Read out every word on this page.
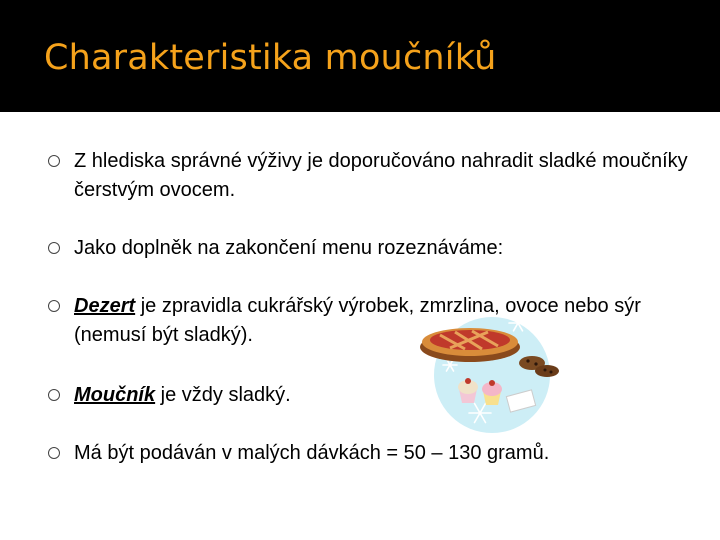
Charakteristika moučníků
Z hlediska správné výživy je doporučováno nahradit sladké moučníky čerstvým ovocem.
Jako doplněk na zakončení menu rozeznáváme:
Dezert je zpravidla cukrářský výrobek, zmrzlina, ovoce nebo sýr (nemusí být sladký).
Moučník je vždy sladký.
Má být podáván v malých dávkách = 50 – 130 gramů.
